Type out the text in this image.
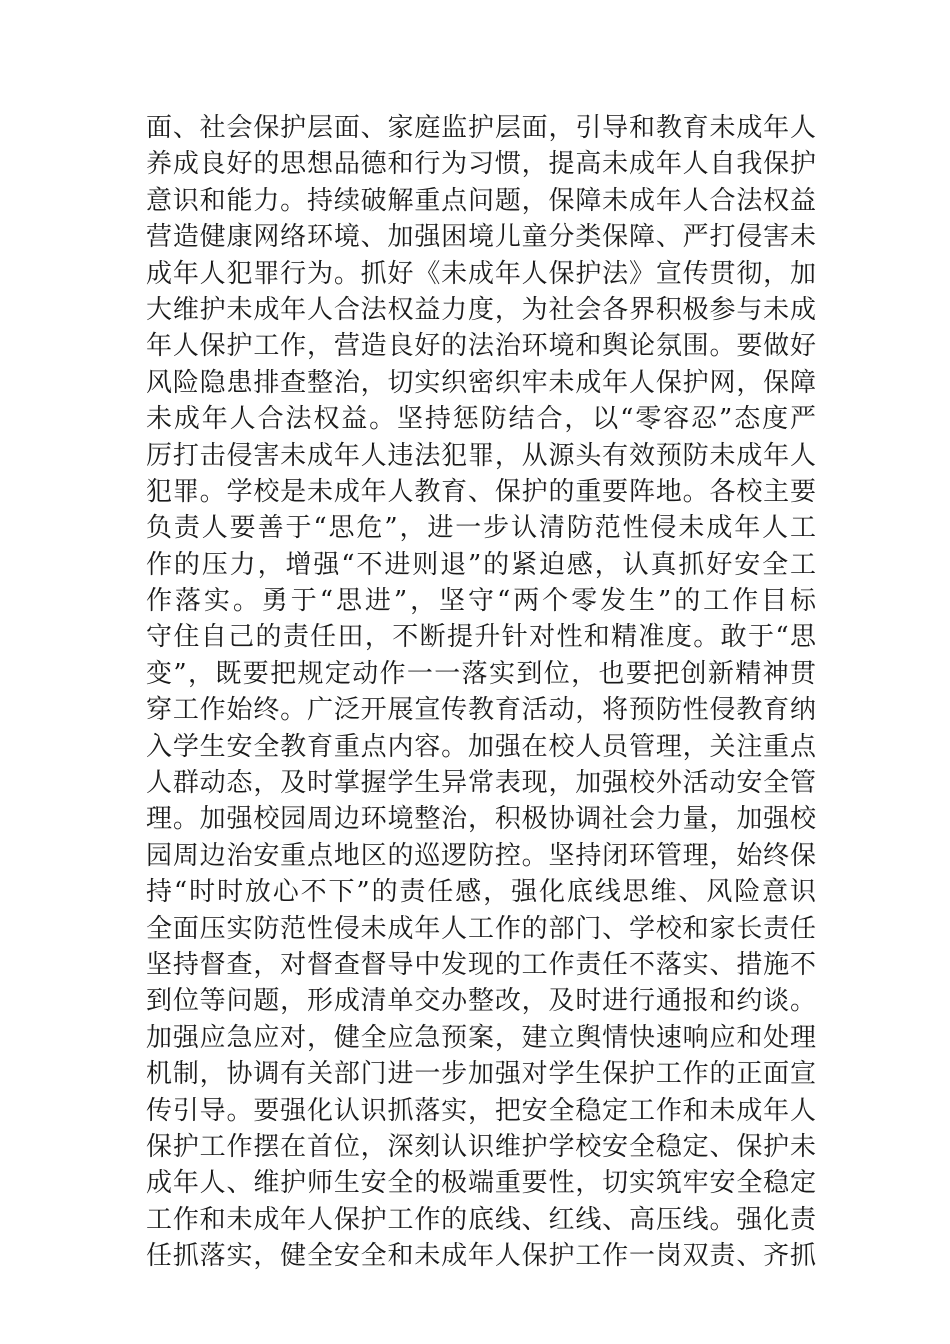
面、社会保护层面、家庭监护层面，引导和教育未成年人
养成良好的思想品德和行为习惯，提高未成年人自我保护
意识和能力。持续破解重点问题，保障未成年人合法权益
营造健康网络环境、加强困境儿童分类保障、严打侵害未
成年人犯罪行为。抓好《未成年人保护法》宣传贯彻，加
大维护未成年人合法权益力度，为社会各界积极参与未成
年人保护工作，营造良好的法治环境和舆论氛围。要做好
风险隐患排查整治，切实织密织牢未成年人保护网，保障
未成年人合法权益。坚持惩防结合，以“零容忍”态度严
厉打击侵害未成年人违法犯罪，从源头有效预防未成年人
犯罪。学校是未成年人教育、保护的重要阵地。各校主要
负责人要善于“思危”，进一步认清防范性侵未成年人工
作的压力，增强“不进则退”的紧迫感，认真抓好安全工
作落实。勇于“思进”，坚守“两个零发生”的工作目标
守住自己的责任田，不断提升针对性和精准度。敢于“思
变”，既要把规定动作一一落实到位，也要把创新精神贯
穿工作始终。广泛开展宣传教育活动，将预防性侵教育纳
入学生安全教育重点内容。加强在校人员管理，关注重点
人群动态，及时掌握学生异常表现，加强校外活动安全管
理。加强校园周边环境整治，积极协调社会力量，加强校
园周边治安重点地区的巡逻防控。坚持闭环管理，始终保
持“时时放心不下”的责任感，强化底线思维、风险意识
全面压实防范性侵未成年人工作的部门、学校和家长责任
坚持督查，对督查督导中发现的工作责任不落实、措施不
到位等问题，形成清单交办整改，及时进行通报和约谈。
加强应急应对，健全应急预案，建立舆情快速响应和处理
机制，协调有关部门进一步加强对学生保护工作的正面宣
传引导。要强化认识抓落实，把安全稳定工作和未成年人
保护工作摆在首位，深刻认识维护学校安全稳定、保护未
成年人、维护师生安全的极端重要性，切实筑牢安全稳定
工作和未成年人保护工作的底线、红线、高压线。强化责
任抓落实，健全安全和未成年人保护工作一岗双责、齐抓
